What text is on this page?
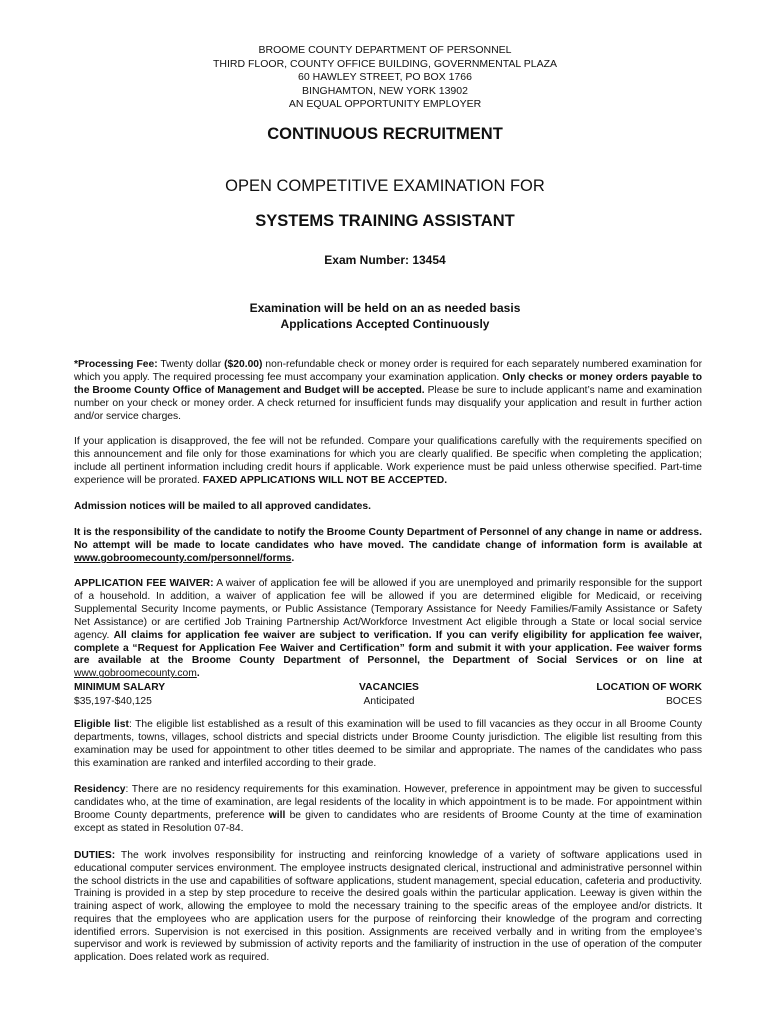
BROOME COUNTY DEPARTMENT OF PERSONNEL
THIRD FLOOR, COUNTY OFFICE BUILDING, GOVERNMENTAL PLAZA
60 HAWLEY STREET, PO BOX 1766
BINGHAMTON, NEW YORK 13902
AN EQUAL OPPORTUNITY EMPLOYER
CONTINUOUS RECRUITMENT
OPEN COMPETITIVE EXAMINATION FOR
SYSTEMS TRAINING ASSISTANT
Exam Number: 13454
Examination will be held on an as needed basis
Applications Accepted Continuously
*Processing Fee: Twenty dollar ($20.00) non-refundable check or money order is required for each separately numbered examination for which you apply. The required processing fee must accompany your examination application. Only checks or money orders payable to the Broome County Office of Management and Budget will be accepted. Please be sure to include applicant’s name and examination number on your check or money order. A check returned for insufficient funds may disqualify your application and result in further action and/or service charges.
If your application is disapproved, the fee will not be refunded. Compare your qualifications carefully with the requirements specified on this announcement and file only for those examinations for which you are clearly qualified. Be specific when completing the application; include all pertinent information including credit hours if applicable. Work experience must be paid unless otherwise specified. Part-time experience will be prorated. FAXED APPLICATIONS WILL NOT BE ACCEPTED.
Admission notices will be mailed to all approved candidates.
It is the responsibility of the candidate to notify the Broome County Department of Personnel of any change in name or address. No attempt will be made to locate candidates who have moved. The candidate change of information form is available at www.gobroomecounty.com/personnel/forms.
APPLICATION FEE WAIVER: A waiver of application fee will be allowed if you are unemployed and primarily responsible for the support of a household. In addition, a waiver of application fee will be allowed if you are determined eligible for Medicaid, or receiving Supplemental Security Income payments, or Public Assistance (Temporary Assistance for Needy Families/Family Assistance or Safety Net Assistance) or are certified Job Training Partnership Act/Workforce Investment Act eligible through a State or local social service agency. All claims for application fee waiver are subject to verification. If you can verify eligibility for application fee waiver, complete a “Request for Application Fee Waiver and Certification” form and submit it with your application. Fee waiver forms are available at the Broome County Department of Personnel, the Department of Social Services or on line at www.gobroomecounty.com.
MINIMUM SALARY
$35,197-$40,125
VACANCIES
Anticipated
LOCATION OF WORK
BOCES
Eligible list: The eligible list established as a result of this examination will be used to fill vacancies as they occur in all Broome County departments, towns, villages, school districts and special districts under Broome County jurisdiction. The eligible list resulting from this examination may be used for appointment to other titles deemed to be similar and appropriate. The names of the candidates who pass this examination are ranked and interfiled according to their grade.
Residency: There are no residency requirements for this examination. However, preference in appointment may be given to successful candidates who, at the time of examination, are legal residents of the locality in which appointment is to be made. For appointment within Broome County departments, preference will be given to candidates who are residents of Broome County at the time of examination except as stated in Resolution 07-84.
DUTIES: The work involves responsibility for instructing and reinforcing knowledge of a variety of software applications used in educational computer services environment. The employee instructs designated clerical, instructional and administrative personnel within the school districts in the use and capabilities of software applications, student management, special education, cafeteria and productivity. Training is provided in a step by step procedure to receive the desired goals within the particular application. Leeway is given within the training aspect of work, allowing the employee to mold the necessary training to the specific areas of the employee and/or districts. It requires that the employees who are application users for the purpose of reinforcing their knowledge of the program and correcting identified errors. Supervision is not exercised in this position. Assignments are received verbally and in writing from the employee’s supervisor and work is reviewed by submission of activity reports and the familiarity of instruction in the use of operation of the computer application. Does related work as required.
